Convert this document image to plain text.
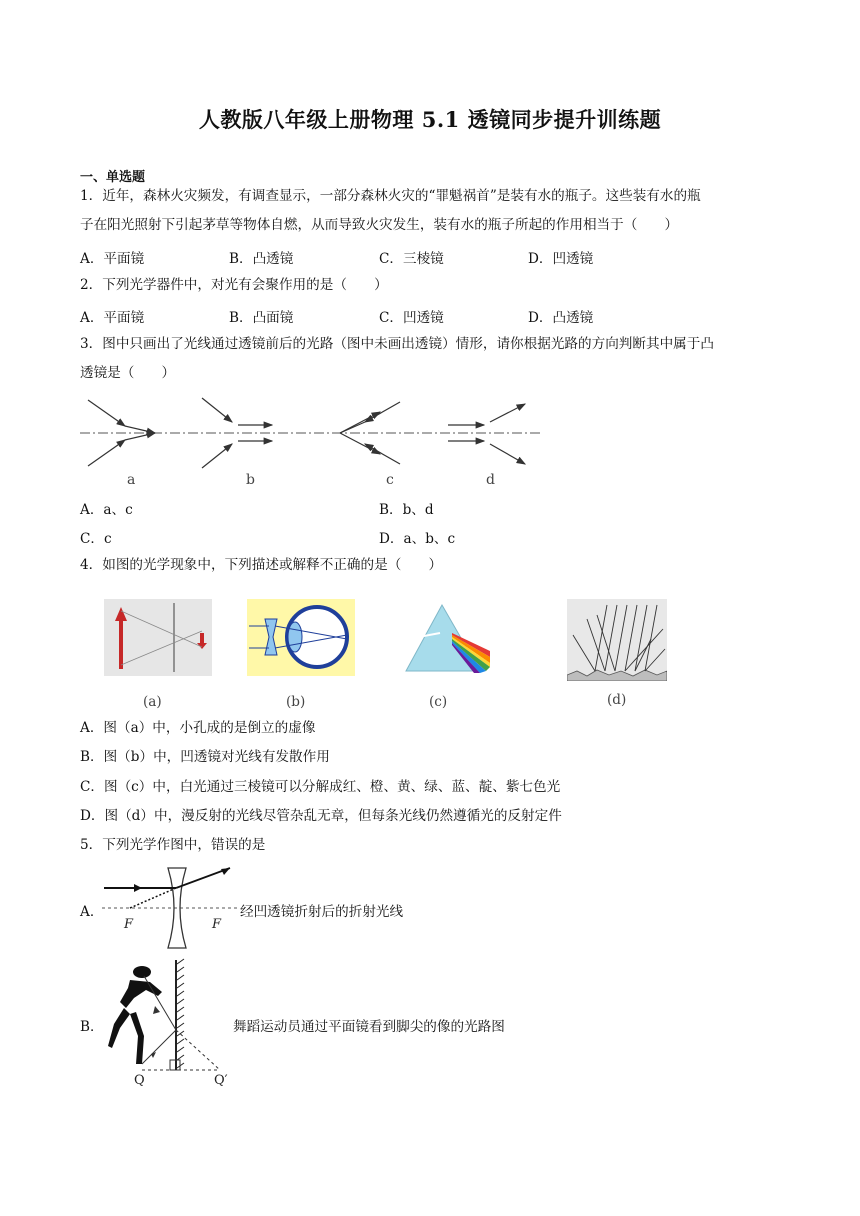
人教版八年级上册物理 5.1 透镜同步提升训练题
一、单选题
1．近年，森林火灾频发，有调查显示，一部分森林火灾的“罪魁祸首”是装有水的瓶子。这些装有水的瓶
子在阳光照射下引起茅草等物体自燃，从而导致火灾发生，装有水的瓶子所起的作用相当于（　　）
A．平面镜	B．凸透镜	C．三棱镜	D．凹透镜
2．下列光学器件中，对光有会聚作用的是（　　）
A．平面镜	B．凸面镜	C．凹透镜	D．凸透镜
3．图中只画出了光线通过透镜前后的光路（图中未画出透镜）情形，请你根据光路的方向判断其中属于凸
透镜是（　　）
a	b	c	d
A．a、c	B．b、d
C．c	D．a、b、c
4．如图的光学现象中，下列描述或解释不正确的是（　　）
(a)	(b)	(c)	(d)
A．图（a）中，小孔成的是倒立的虚像
B．图（b）中，凹透镜对光线有发散作用
C．图（c）中，白光通过三棱镜可以分解成红、橙、黄、绿、蓝、靛、紫七色光
D．图（d）中，漫反射的光线尽管杂乱无章，但每条光线仍然遵循光的反射定件
5．下列光学作图中，错误的是
A．
F	F
经凹透镜折射后的折射光线
B．
Q	Q′
舞蹈运动员通过平面镜看到脚尖的像的光路图
